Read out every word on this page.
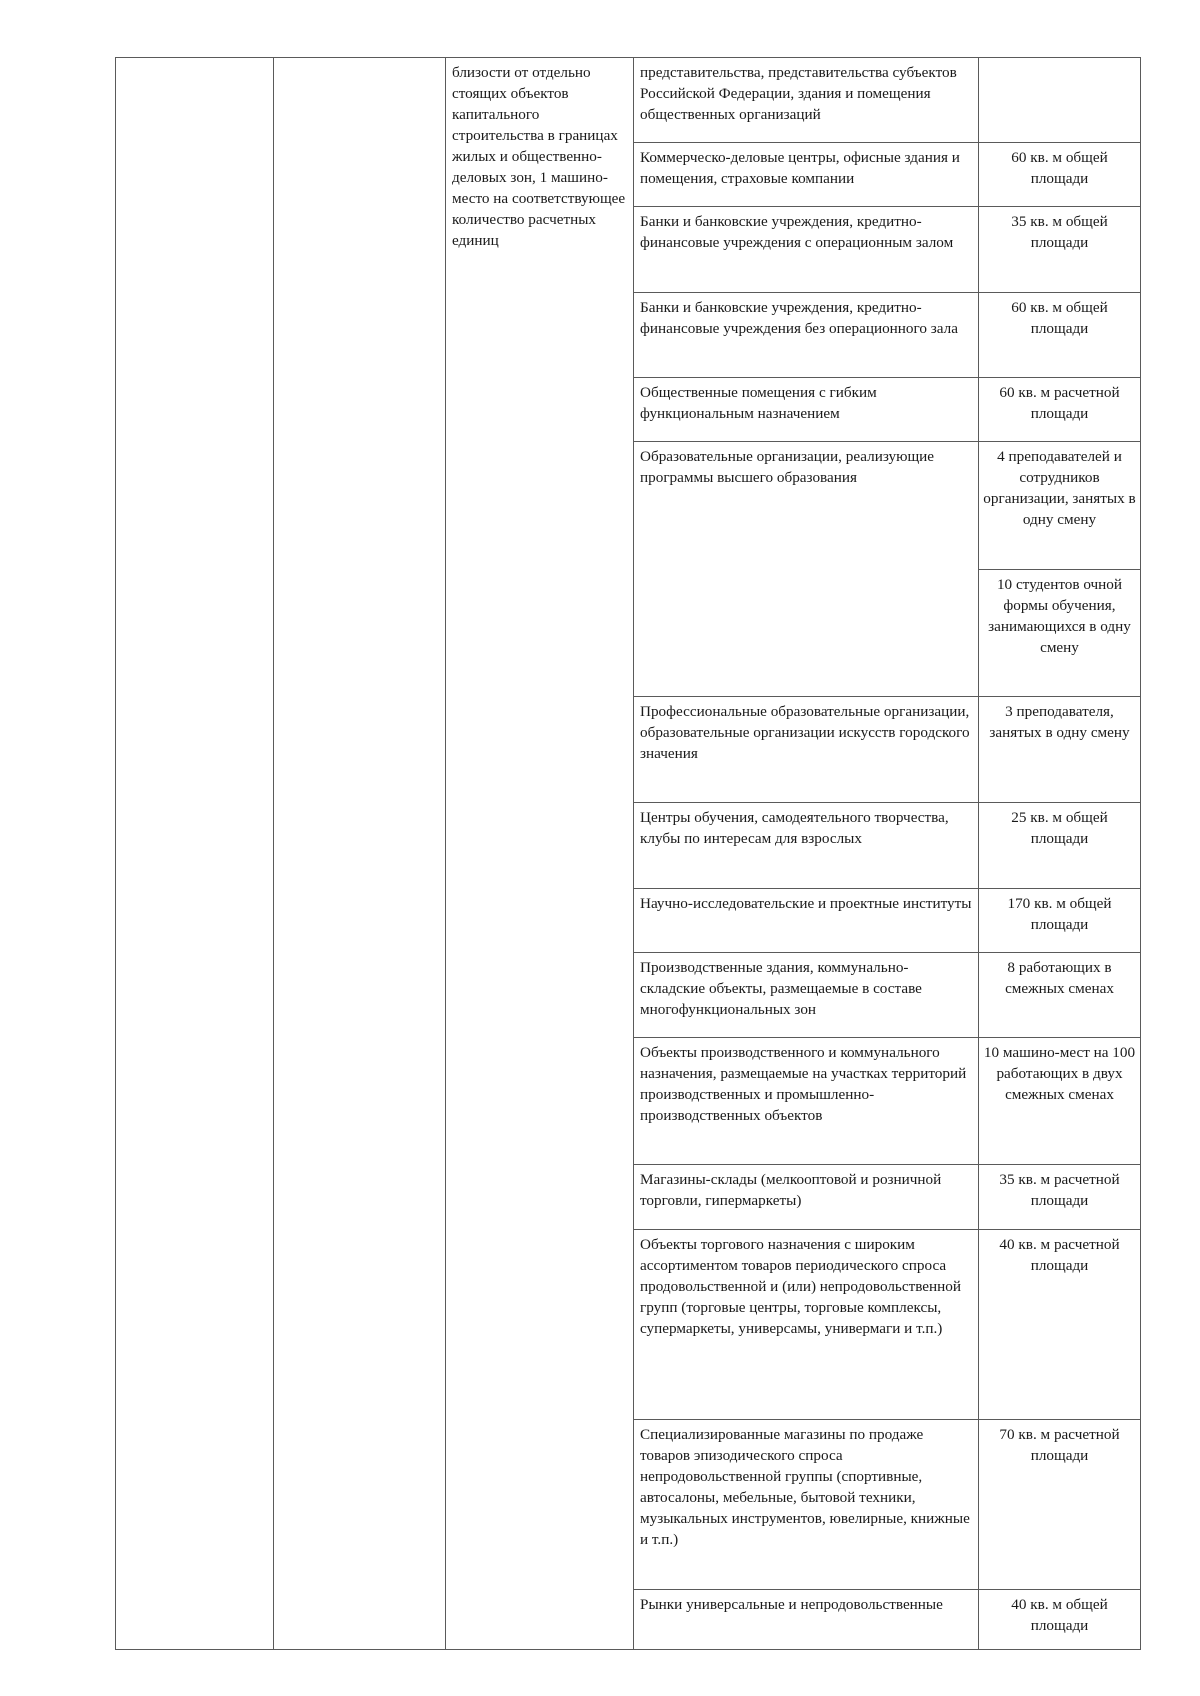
		близости от отдельно стоящих объектов капитального строительства в границах жилых и общественно-деловых зон, 1 машино-место на соответствующее количество расчетных единиц	представительства, представительства субъектов Российской Федерации, здания и помещения общественных организаций	
			Коммерческо-деловые центры, офисные здания и помещения, страховые компании	60 кв. м общей площади
			Банки и банковские учреждения, кредитно-финансовые учреждения с операционным залом	35 кв. м общей площади
			Банки и банковские учреждения, кредитно-финансовые учреждения без операционного зала	60 кв. м общей площади
			Общественные помещения с гибким функциональным назначением	60 кв. м расчетной площади
			Образовательные организации, реализующие программы высшего образования	4 преподавателей и сотрудников организации, занятых в одну смену
				10 студентов очной формы обучения, занимающихся в одну смену
			Профессиональные образовательные организации, образовательные организации искусств городского значения	3 преподавателя, занятых в одну смену
			Центры обучения, самодеятельного творчества, клубы по интересам для взрослых	25 кв. м общей площади
			Научно-исследовательские и проектные институты	170 кв. м общей площади
			Производственные здания, коммунально-складские объекты, размещаемые в составе многофункциональных зон	8 работающих в смежных сменах
			Объекты производственного и коммунального назначения, размещаемые на участках территорий производственных и промышленно-производственных объектов	10 машино-мест на 100 работающих в двух смежных сменах
			Магазины-склады (мелкооптовой и розничной торговли, гипермаркеты)	35 кв. м расчетной площади
			Объекты торгового назначения с широким ассортиментом товаров периодического спроса продовольственной и (или) непродовольственной групп (торговые центры, торговые комплексы, супермаркеты, универсамы, универмаги и т.п.)	40 кв. м расчетной площади
			Специализированные магазины по продаже товаров эпизодического спроса непродовольственной группы (спортивные, автосалоны, мебельные, бытовой техники, музыкальных инструментов, ювелирные, книжные и т.п.)	70 кв. м расчетной площади
			Рынки универсальные и непродовольственные	40 кв. м общей площади
